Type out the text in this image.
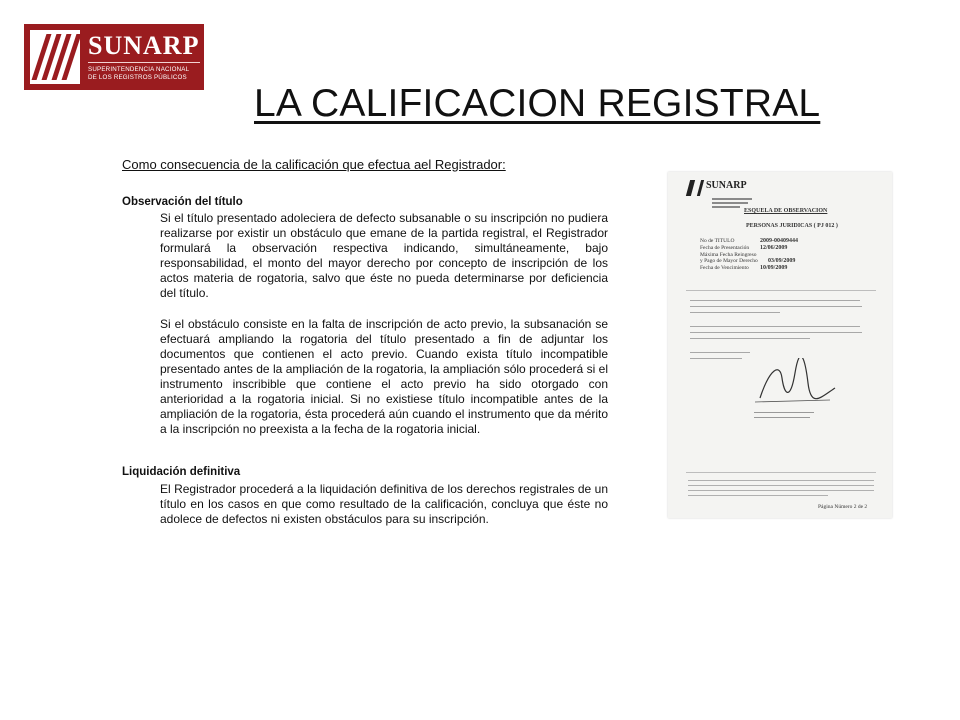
SUNARP
SUPERINTENDENCIA NACIONAL
DE LOS REGISTROS PÚBLICOS
LA CALIFICACION REGISTRAL
Como consecuencia de la calificación que efectua ael Registrador:
Observación del título
Si el título presentado adoleciera de defecto subsanable o su inscripción no pudiera realizarse por existir un obstáculo que emane de la partida registral, el Registrador formulará la observación respectiva indicando, simultáneamente, bajo responsabilidad, el monto del mayor derecho por concepto de inscripción de los actos materia de rogatoria, salvo que éste no pueda determinarse por deficiencia del título.
Si el obstáculo consiste en la falta de inscripción de acto previo, la subsanación se efectuará ampliando la rogatoria del título presentado a fin de adjuntar los documentos que contienen el acto previo. Cuando exista título incompatible presentado antes de la ampliación de la rogatoria, la ampliación sólo procederá si el instrumento inscribible que contiene el acto previo ha sido otorgado con anterioridad a la rogatoria inicial. Si no existiese título incompatible antes de la ampliación de la rogatoria, ésta procederá aún cuando el instrumento que da mérito a la inscripción no preexista a la fecha de la rogatoria inicial.
Liquidación definitiva
El Registrador procederá a la liquidación definitiva de los derechos registrales de un título en los casos en que como resultado de la calificación, concluya que éste no adolece de defectos ni existen obstáculos para su inscripción.
SUNARP
ESQUELA DE OBSERVACION
PERSONAS JURIDICAS ( PJ 012 )
No de TITULO	2009-00409444
Fecha de Presentación 12/06/2009
Máxima Fecha Reingreso
y Pago de Mayor Derecho 03/09/2009
Fecha de Vencimiento 10/09/2009
Página Número 2 de 2
